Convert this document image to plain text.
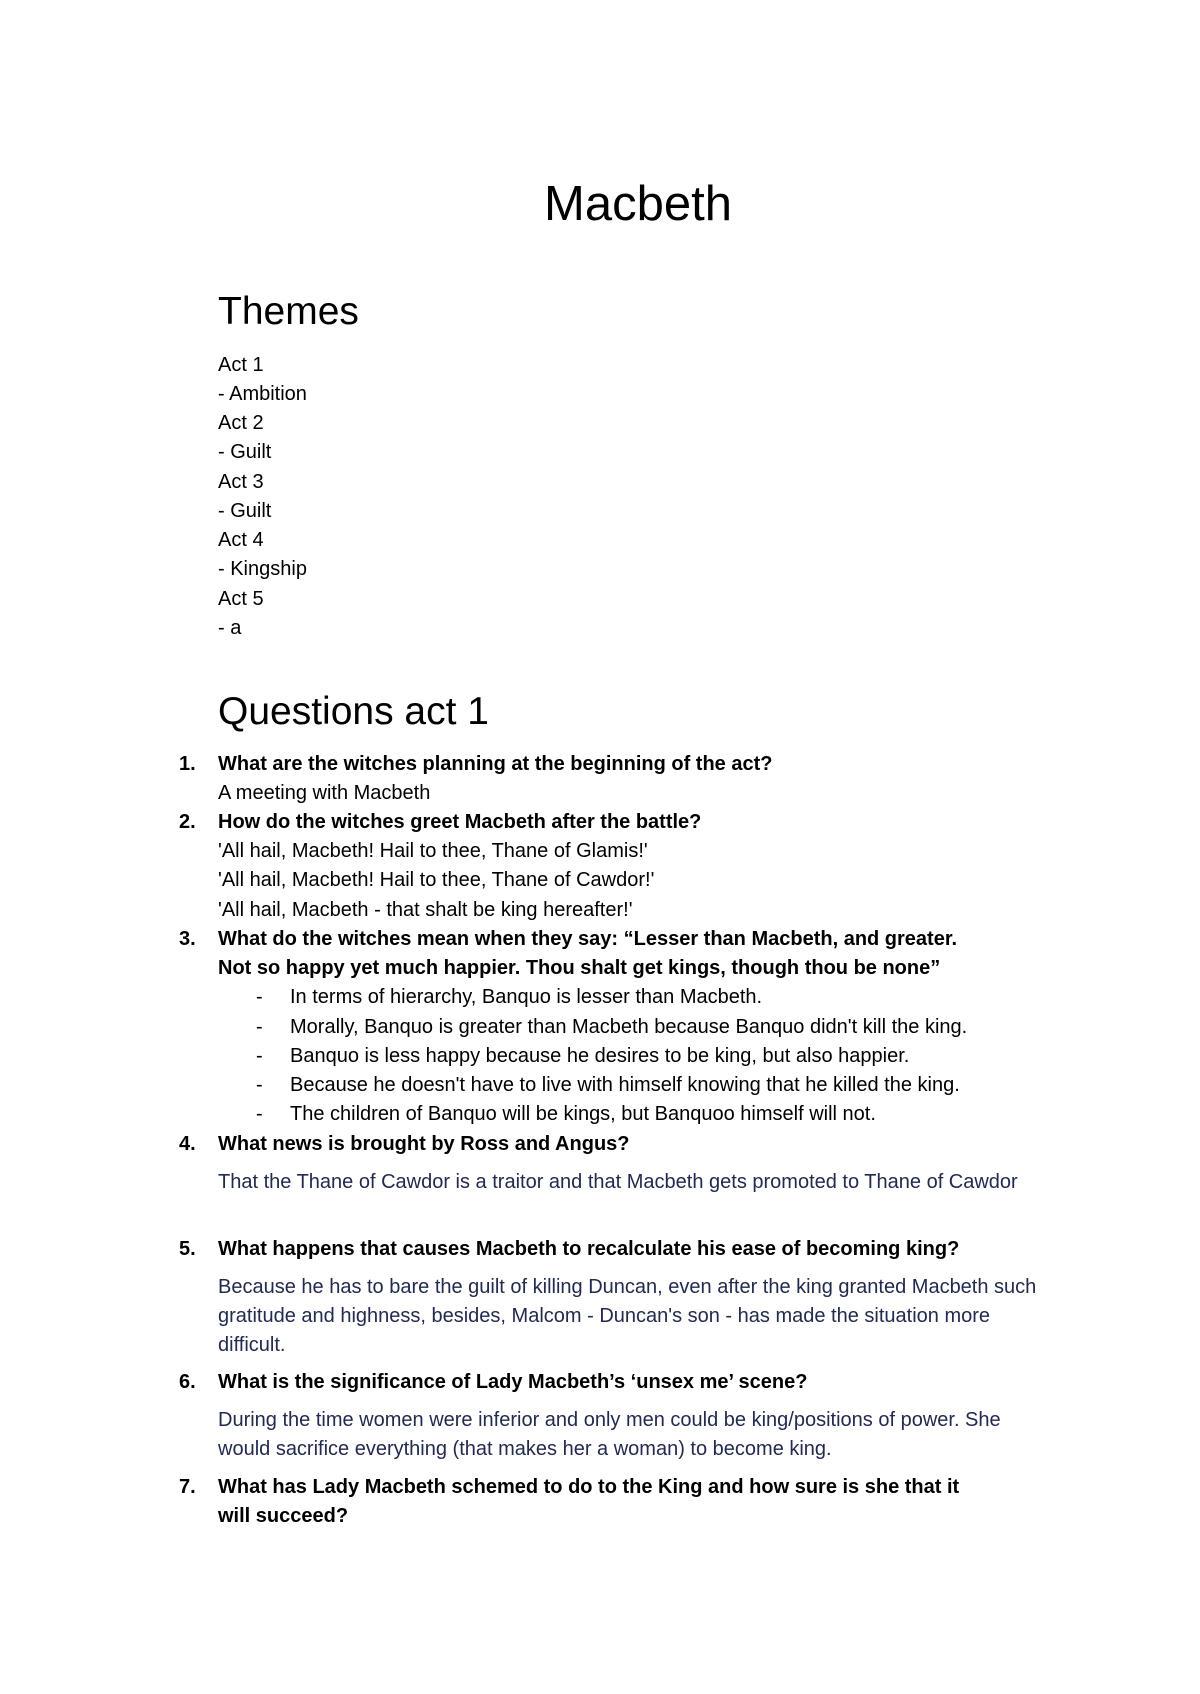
Macbeth
Themes
Act 1
- Ambition
Act 2
- Guilt
Act 3
- Guilt
Act 4
- Kingship
Act 5
- a
Questions act 1
1. What are the witches planning at the beginning of the act?
A meeting with Macbeth
2. How do the witches greet Macbeth after the battle?
'All hail, Macbeth! Hail to thee, Thane of Glamis!'
'All hail, Macbeth! Hail to thee, Thane of Cawdor!'
'All hail, Macbeth - that shalt be king hereafter!'
3. What do the witches mean when they say: “Lesser than Macbeth, and greater.
Not so happy yet much happier. Thou shalt get kings, though thou be none”
- In terms of hierarchy, Banquo is lesser than Macbeth.
- Morally, Banquo is greater than Macbeth because Banquo didn't kill the king.
- Banquo is less happy because he desires to be king, but also happier.
- Because he doesn't have to live with himself knowing that he killed the king.
- The children of Banquo will be kings, but Banquoo himself will not.
4. What news is brought by Ross and Angus?
That the Thane of Cawdor is a traitor and that Macbeth gets promoted to Thane of Cawdor
5. What happens that causes Macbeth to recalculate his ease of becoming king?
Because he has to bare the guilt of killing Duncan, even after the king granted Macbeth such gratitude and highness, besides, Malcom - Duncan's son - has made the situation more difficult.
6. What is the significance of Lady Macbeth’s ‘unsex me’ scene?
During the time women were inferior and only men could be king/positions of power. She would sacrifice everything (that makes her a woman) to become king.
7. What has Lady Macbeth schemed to do to the King and how sure is she that it
will succeed?
